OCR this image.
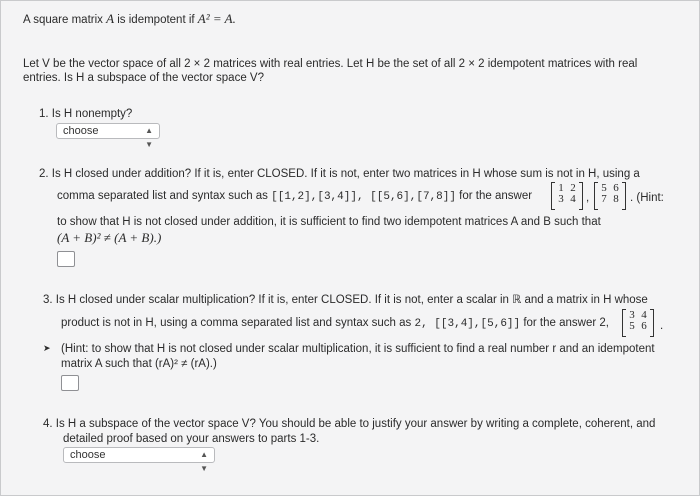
A square matrix A is idempotent if A² = A.
Let V be the vector space of all 2 × 2 matrices with real entries. Let H be the set of all 2 × 2 idempotent matrices with real
entries. Is H a subspace of the vector space V?
1. Is H nonempty?
choose	▲
▼
2. Is H closed under addition? If it is, enter CLOSED. If it is not, enter two matrices in H whose sum is not in H, using a
comma separated list and syntax such as [[1,2],[3,4]], [[5,6],[7,8]] for the answer
1 2
3 4 ,
5 6
7 8 . (Hint:
to show that H is not closed under addition, it is sufficient to find two idempotent matrices A and B such that
(A + B)² ≠ (A + B).)
3. Is H closed under scalar multiplication? If it is, enter CLOSED. If it is not, enter a scalar in ℝ and a matrix in H whose
product is not in H, using a comma separated list and syntax such as 2, [[3,4],[5,6]] for the answer 2,
3 4
5 6 .
➤ (Hint: to show that H is not closed under scalar multiplication, it is sufficient to find a real number r and an idempotent
matrix A such that (rA)² ≠ (rA).)
4. Is H a subspace of the vector space V? You should be able to justify your answer by writing a complete, coherent, and
detailed proof based on your answers to parts 1-3.
choose	▲
▼
